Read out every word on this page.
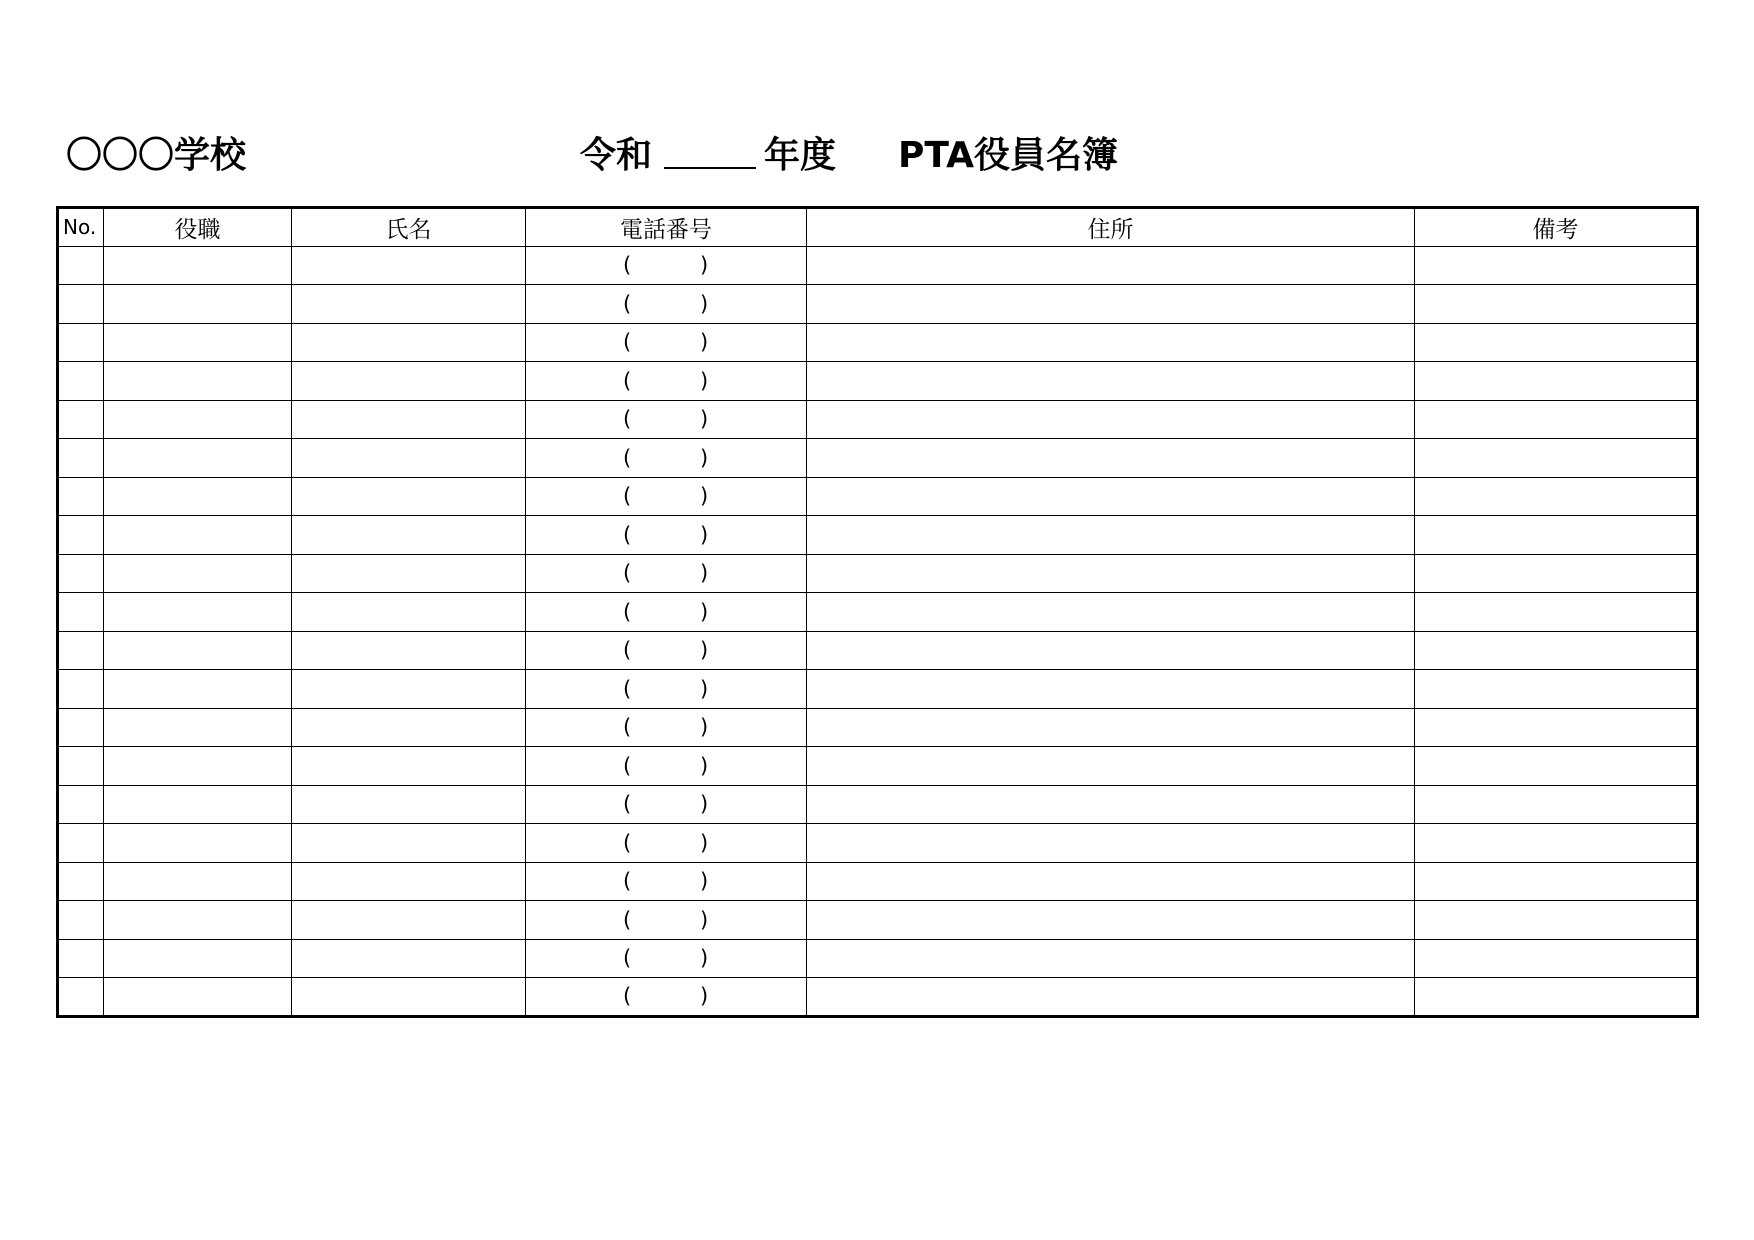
〇〇〇学校	令和	年度 PTA役員名簿
No.	役職	氏名	電話番号	住所	備考

			( )		

			( )		

			( )		

			( )		

			( )		

			( )		

			( )		

			( )		

			( )		

			( )		

			( )		

			( )		

			( )		

			( )		

			( )		

			( )		

			( )		

			( )		

			( )		

			( )		
